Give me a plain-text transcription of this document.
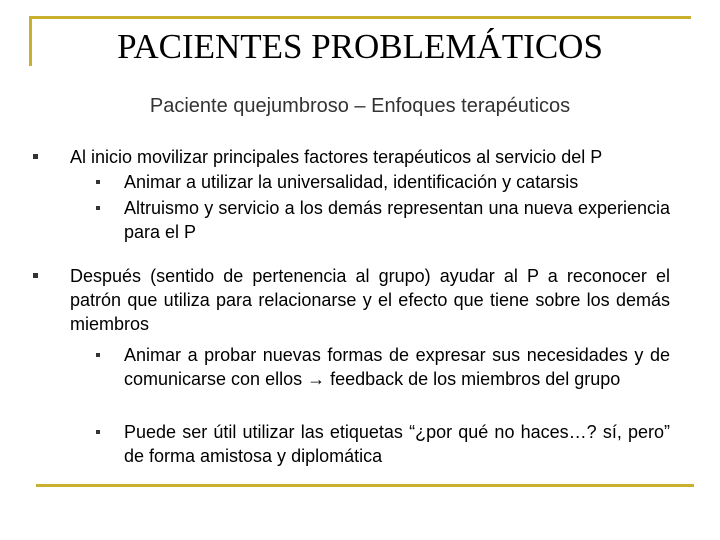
PACIENTES PROBLEMÁTICOS
Paciente quejumbroso – Enfoques terapéuticos
Al inicio movilizar principales factores terapéuticos al servicio del P
Animar a utilizar la universalidad, identificación y catarsis
Altruismo y servicio a los demás representan una nueva experiencia para el P
Después (sentido de pertenencia al grupo) ayudar al P a reconocer el patrón que utiliza para relacionarse y el efecto que tiene sobre los demás miembros
Animar a probar nuevas formas de expresar sus necesidades y de comunicarse con ellos → feedback de los miembros del grupo
Puede ser útil utilizar las etiquetas “¿por qué no haces…? sí, pero” de forma amistosa y diplomática
